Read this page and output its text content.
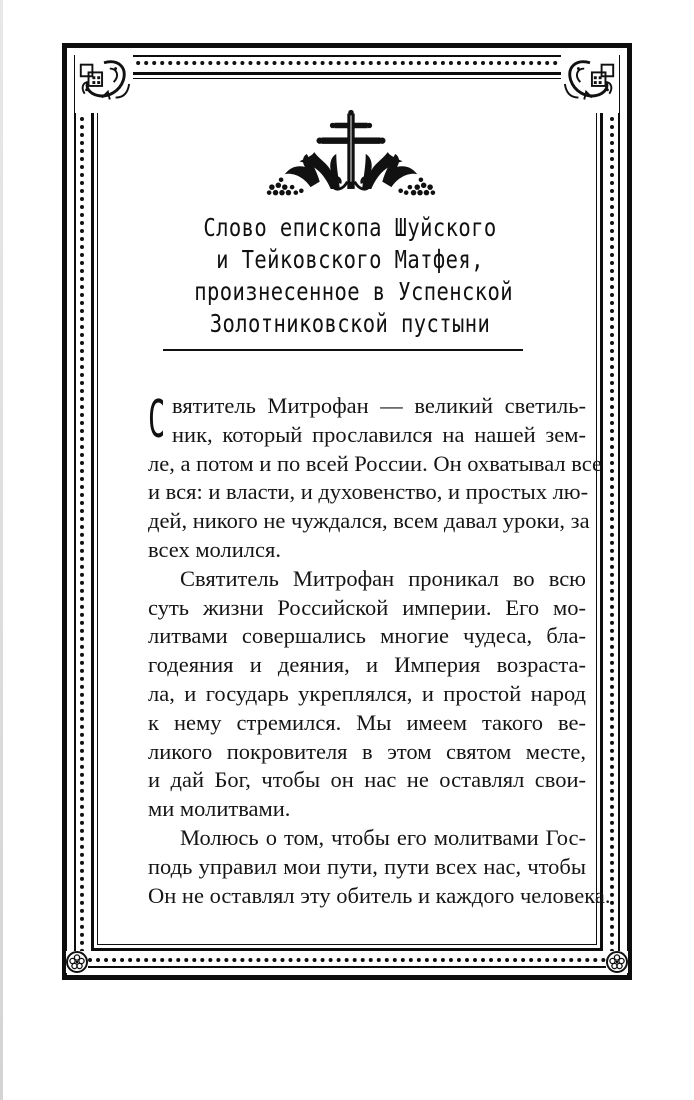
Слово епископа Шуйского
и Тейковского Матфея,
произнесенное в Успенской
Золотниковской пустыни
С вятитель Митрофан — великий светиль-
ник, который прославился на нашей зем-
ле, а потом и по всей России. Он охватывал все
и вся: и власти, и духовенство, и простых лю-
дей, никого не чуждался, всем давал уроки, за
всех молился.
Святитель Митрофан проникал во всю
суть жизни Российской империи. Его мо-
литвами совершались многие чудеса, бла-
годеяния и деяния, и Империя возраста-
ла, и государь укреплялся, и простой народ
к нему стремился. Мы имеем такого ве-
ликого покровителя в этом святом месте,
и дай Бог, чтобы он нас не оставлял свои-
ми молитвами.
Молюсь о том, чтобы его молитвами Гос-
подь управил мои пути, пути всех нас, чтобы
Он не оставлял эту обитель и каждого человека.
